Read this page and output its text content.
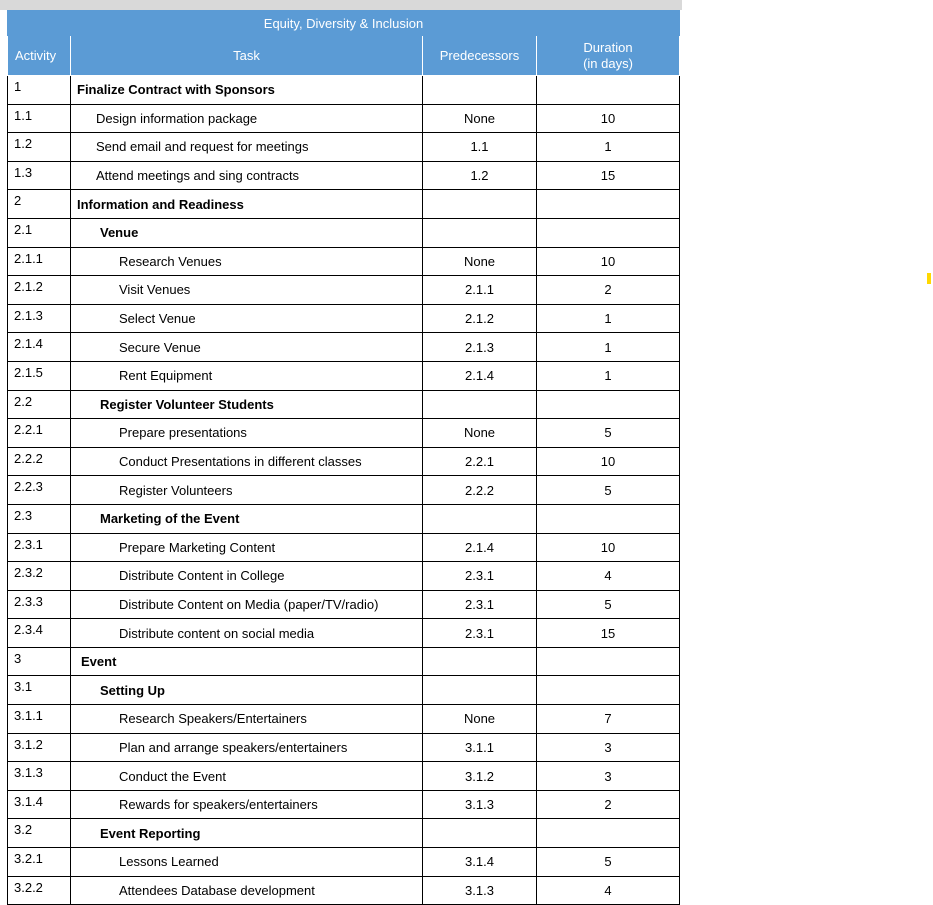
Equity, Diversity & Inclusion			
Activity	Task	Predecessors	Duration
(in days)
1	Finalize Contract with Sponsors		
1.1	Design information package	None	10
1.2	Send email and request for meetings	1.1	1
1.3	Attend meetings and sing contracts	1.2	15
2	Information and Readiness		
2.1	Venue		
2.1.1	Research Venues	None	10
2.1.2	Visit Venues	2.1.1	2
2.1.3	Select Venue	2.1.2	1
2.1.4	Secure Venue	2.1.3	1
2.1.5	Rent Equipment	2.1.4	1
2.2	Register Volunteer Students		
2.2.1	Prepare presentations	None	5
2.2.2	Conduct Presentations in different classes	2.2.1	10
2.2.3	Register Volunteers	2.2.2	5
2.3	Marketing of the Event		
2.3.1	Prepare Marketing Content	2.1.4	10
2.3.2	Distribute Content in College	2.3.1	4
2.3.3	Distribute Content on Media (paper/TV/radio)	2.3.1	5
2.3.4	Distribute content on social media	2.3.1	15
3	Event		
3.1	Setting Up		
3.1.1	Research Speakers/Entertainers	None	7
3.1.2	Plan and arrange speakers/entertainers	3.1.1	3
3.1.3	Conduct the Event	3.1.2	3
3.1.4	Rewards for speakers/entertainers	3.1.3	2
3.2	Event Reporting		
3.2.1	Lessons Learned	3.1.4	5
3.2.2	Attendees Database development	3.1.3	4
